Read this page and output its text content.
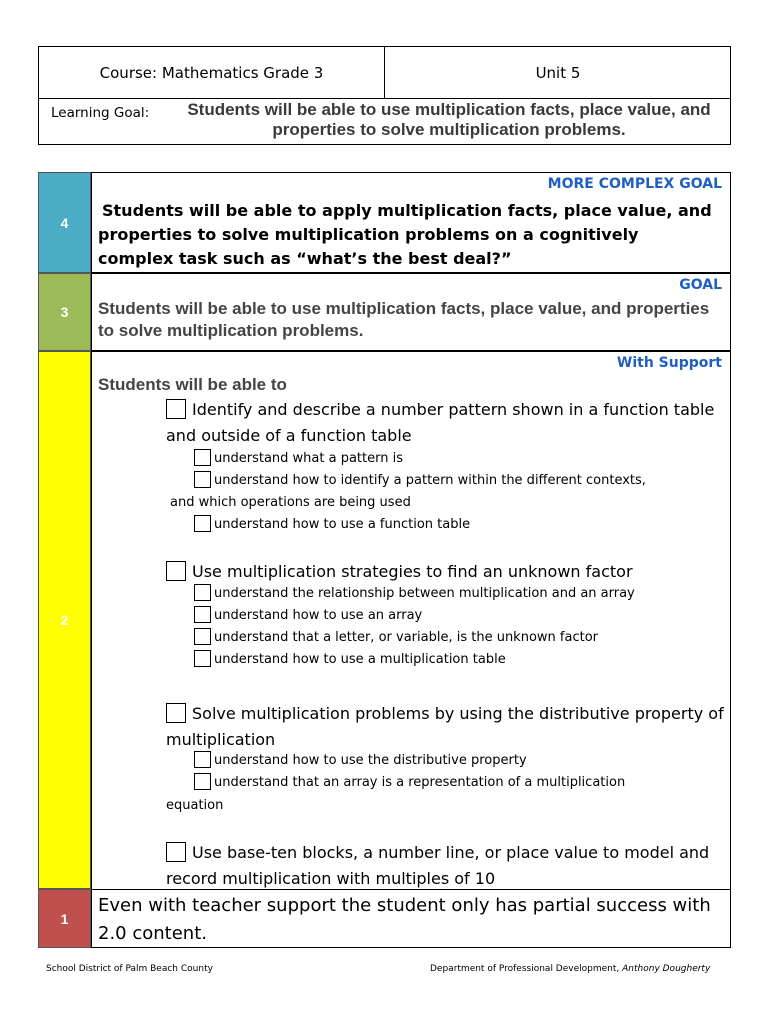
Course: Mathematics Grade 3	Unit 5
Learning Goal:	Students will be able to use multiplication facts, place value, and properties to solve multiplication problems.
4
MORE COMPLEX GOAL
Students will be able to apply multiplication facts, place value, and properties to solve multiplication problems on a cognitively complex task such as “what’s the best deal?”
3
GOAL
Students will be able to use multiplication facts, place value, and properties to solve multiplication problems.
2
With Support
Students will be able to
Identify and describe a number pattern shown in a function table and outside of a function table
understand what a pattern is
understand how to identify a pattern within the different contexts,
and which operations are being used
understand how to use a function table
Use multiplication strategies to find an unknown factor
understand the relationship between multiplication and an array
understand how to use an array
understand that a letter, or variable, is the unknown factor
understand how to use a multiplication table
Solve multiplication problems by using the distributive property of multiplication
understand how to use the distributive property
understand that an array is a representation of a multiplication
equation
Use base-ten blocks, a number line, or place value to model and record multiplication with multiples of 10
1
Even with teacher support the student only has partial success with 2.0 content.
School District of Palm Beach County	Department of Professional Development, Anthony Dougherty
